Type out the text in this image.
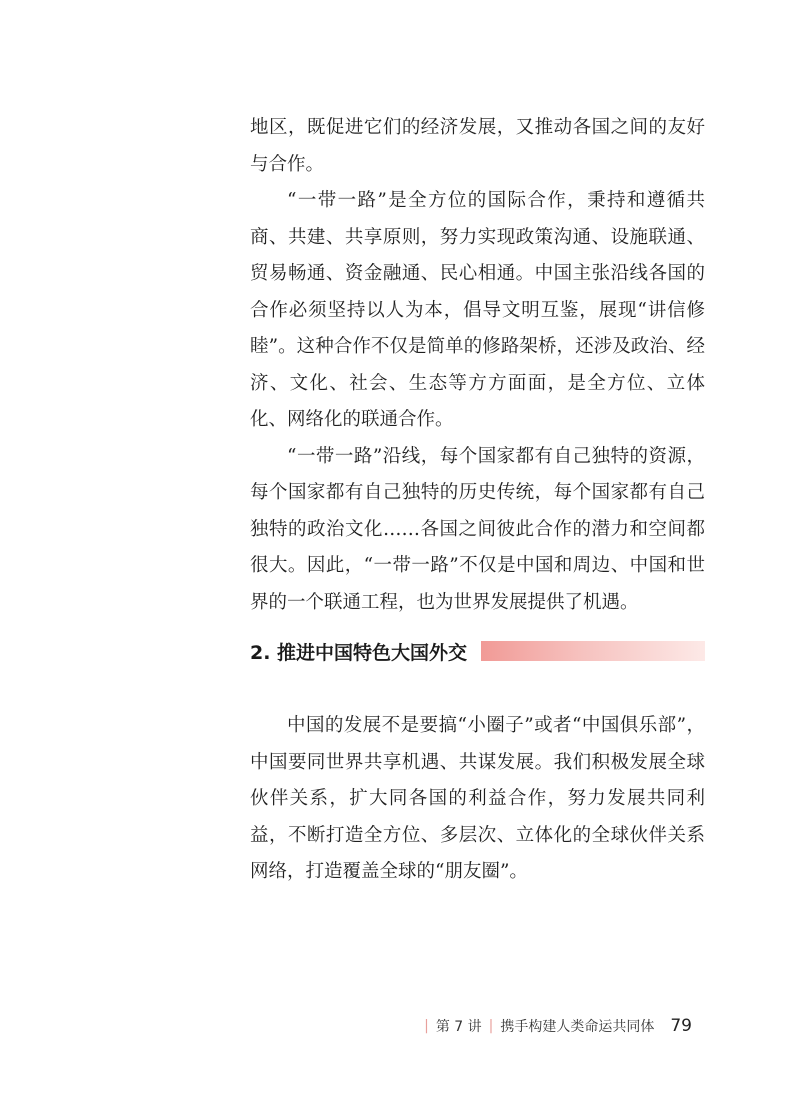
地区，既促进它们的经济发展，又推动各国之间的友好与合作。

“一带一路”是全方位的国际合作，秉持和遵循共商、共建、共享原则，努力实现政策沟通、设施联通、贸易畅通、资金融通、民心相通。中国主张沿线各国的合作必须坚持以人为本，倡导文明互鉴，展现“讲信修睦”。这种合作不仅是简单的修路架桥，还涉及政治、经济、文化、社会、生态等方方面面，是全方位、立体化、网络化的联通合作。

“一带一路”沿线，每个国家都有自己独特的资源，每个国家都有自己独特的历史传统，每个国家都有自己独特的政治文化……各国之间彼此合作的潜力和空间都很大。因此，“一带一路”不仅是中国和周边、中国和世界的一个联通工程，也为世界发展提供了机遇。

2. 推进中国特色大国外交

中国的发展不是要搞“小圈子”或者“中国俱乐部”，中国要同世界共享机遇、共谋发展。我们积极发展全球伙伴关系，扩大同各国的利益合作，努力发展共同利益，不断打造全方位、多层次、立体化的全球伙伴关系网络，打造覆盖全球的“朋友圈”。

| 第 7 讲 | 携手构建人类命运共同体 79
